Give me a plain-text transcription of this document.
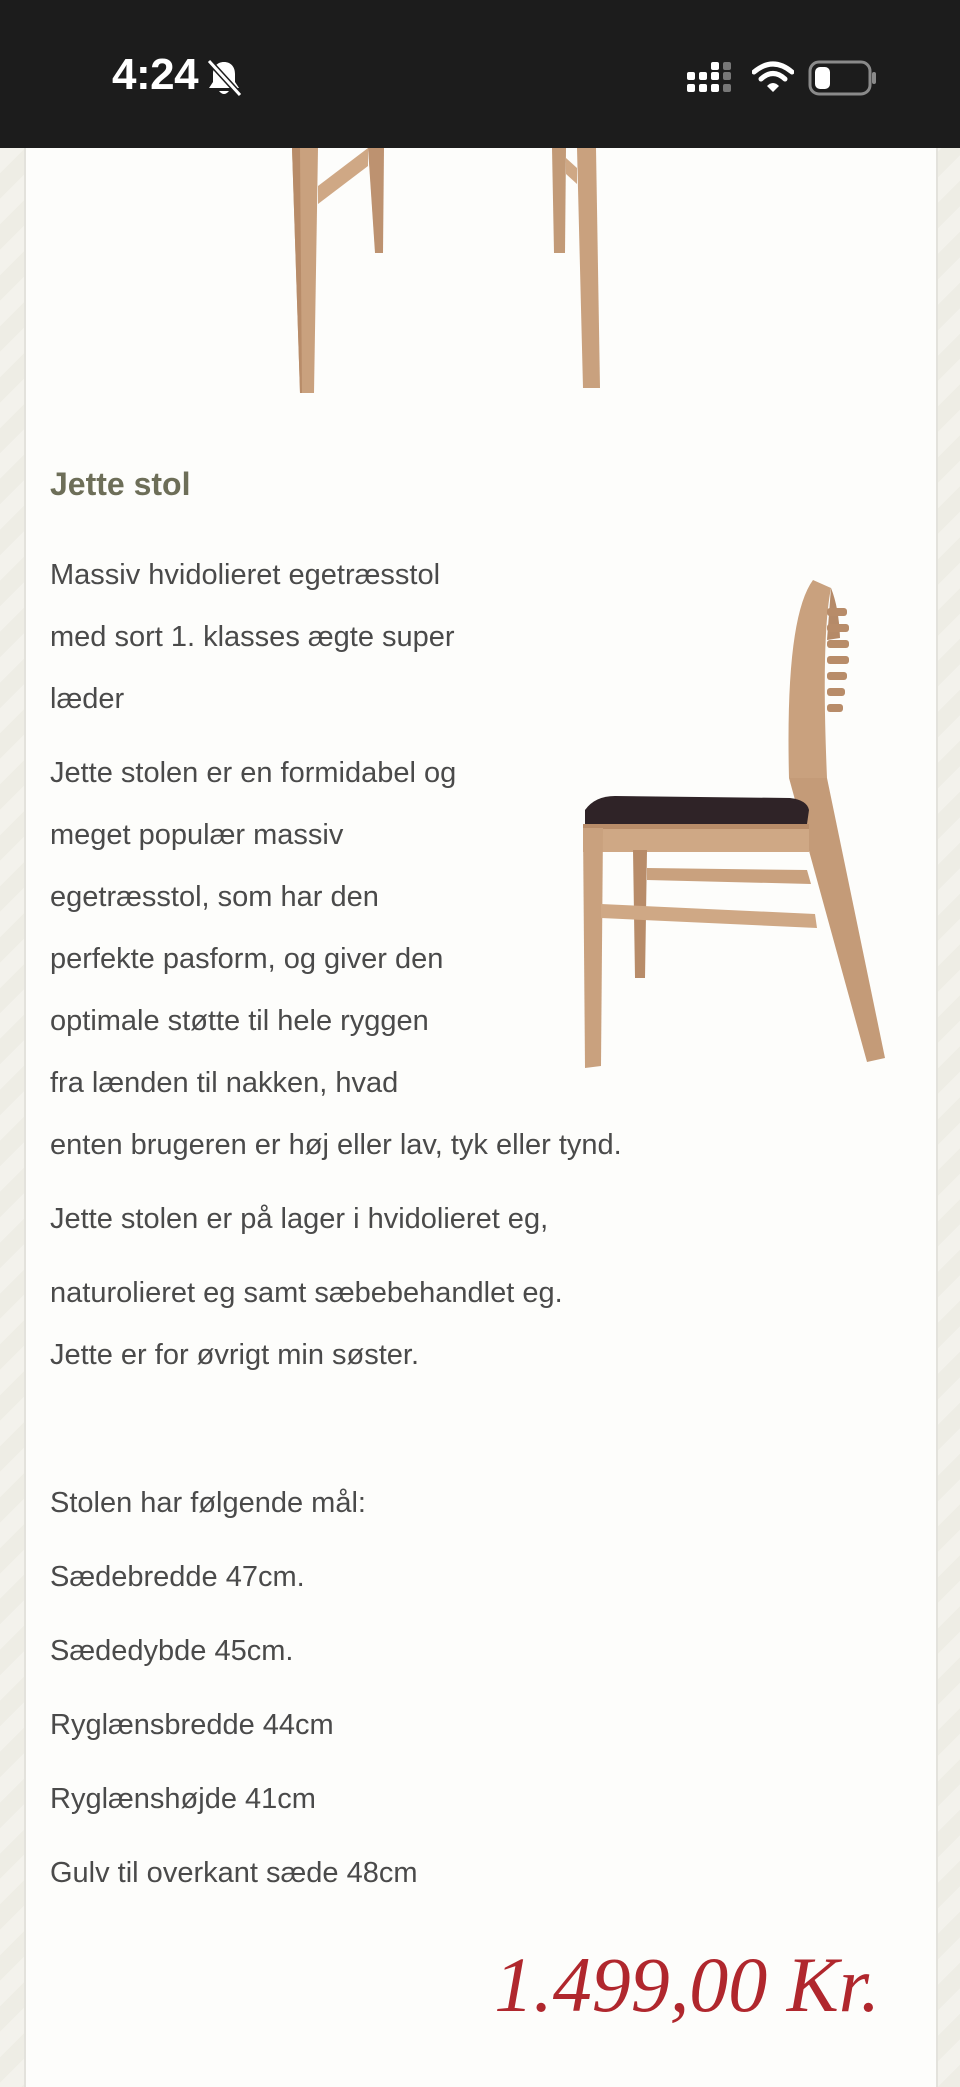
4:24
Jette stol
Massiv hvidolieret egetræsstol
med sort 1. klasses ægte super
læder
Jette stolen er en formidabel og
meget populær massiv
egetræsstol, som har den
perfekte pasform, og giver den
optimale støtte til hele ryggen
fra lænden til nakken, hvad
enten brugeren er høj eller lav, tyk eller tynd.
Jette stolen er på lager i hvidolieret eg,
naturolieret eg samt sæbebehandlet eg.
Jette er for øvrigt min søster.
Stolen har følgende mål:
Sædebredde 47cm.
Sædedybde 45cm.
Ryglænsbredde 44cm
Ryglænshøjde 41cm
Gulv til overkant sæde 48cm
1.499,00 Kr.
